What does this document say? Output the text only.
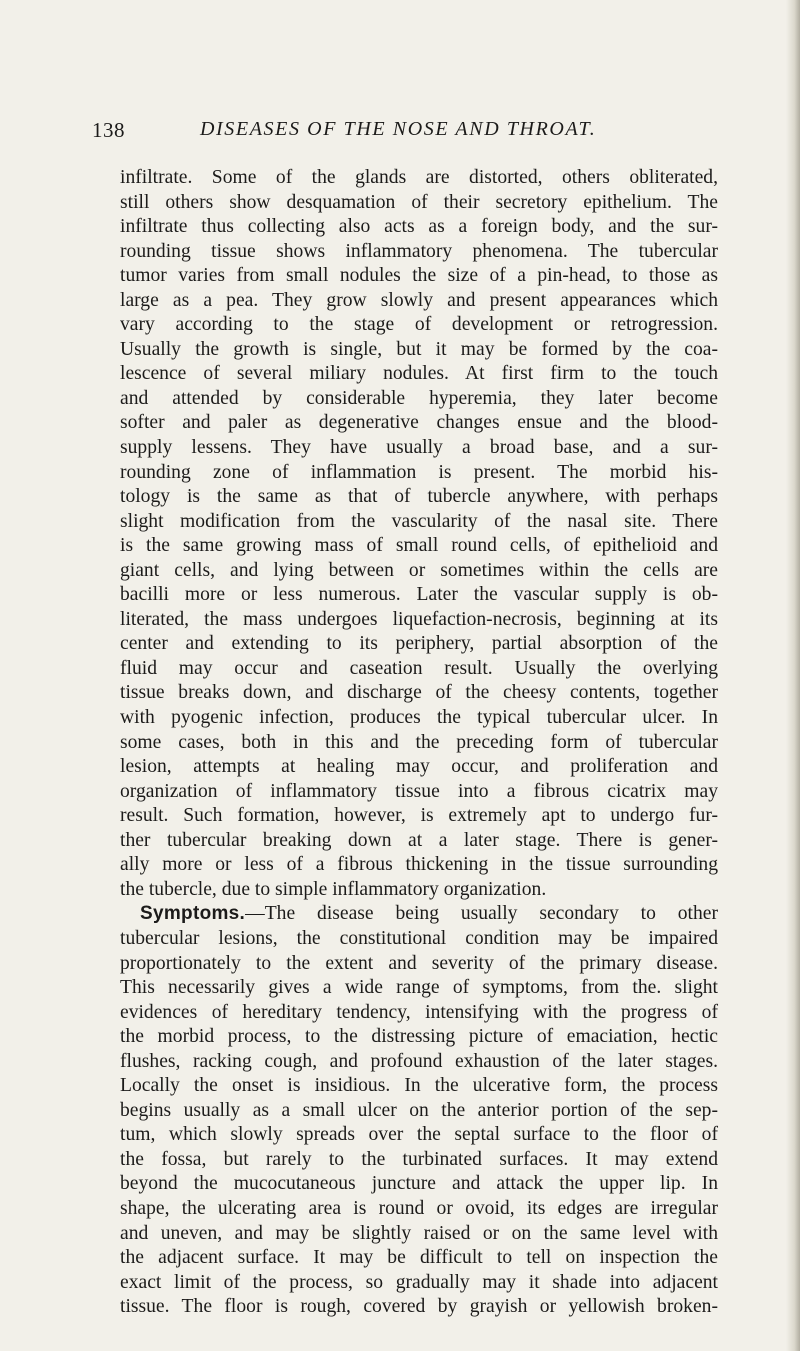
138	DISEASES OF THE NOSE AND THROAT.
infiltrate. Some of the glands are distorted, others obliterated,
still others show desquamation of their secretory epithelium. The
infiltrate thus collecting also acts as a foreign body, and the sur-
rounding tissue shows inflammatory phenomena. The tubercular
tumor varies from small nodules the size of a pin-head, to those as
large as a pea. They grow slowly and present appearances which
vary according to the stage of development or retrogression.
Usually the growth is single, but it may be formed by the coa-
lescence of several miliary nodules. At first firm to the touch
and attended by considerable hyperemia, they later become
softer and paler as degenerative changes ensue and the blood-
supply lessens. They have usually a broad base, and a sur-
rounding zone of inflammation is present. The morbid his-
tology is the same as that of tubercle anywhere, with perhaps
slight modification from the vascularity of the nasal site. There
is the same growing mass of small round cells, of epithelioid and
giant cells, and lying between or sometimes within the cells are
bacilli more or less numerous. Later the vascular supply is ob-
literated, the mass undergoes liquefaction-necrosis, beginning at its
center and extending to its periphery, partial absorption of the
fluid may occur and caseation result. Usually the overlying
tissue breaks down, and discharge of the cheesy contents, together
with pyogenic infection, produces the typical tubercular ulcer. In
some cases, both in this and the preceding form of tubercular
lesion, attempts at healing may occur, and proliferation and
organization of inflammatory tissue into a fibrous cicatrix may
result. Such formation, however, is extremely apt to undergo fur-
ther tubercular breaking down at a later stage. There is gener-
ally more or less of a fibrous thickening in the tissue surrounding
the tubercle, due to simple inflammatory organization.
Symptoms.—The disease being usually secondary to other
tubercular lesions, the constitutional condition may be impaired
proportionately to the extent and severity of the primary disease.
This necessarily gives a wide range of symptoms, from the. slight
evidences of hereditary tendency, intensifying with the progress of
the morbid process, to the distressing picture of emaciation, hectic
flushes, racking cough, and profound exhaustion of the later stages.
Locally the onset is insidious. In the ulcerative form, the process
begins usually as a small ulcer on the anterior portion of the sep-
tum, which slowly spreads over the septal surface to the floor of
the fossa, but rarely to the turbinated surfaces. It may extend
beyond the mucocutaneous juncture and attack the upper lip. In
shape, the ulcerating area is round or ovoid, its edges are irregular
and uneven, and may be slightly raised or on the same level with
the adjacent surface. It may be difficult to tell on inspection the
exact limit of the process, so gradually may it shade into adjacent
tissue. The floor is rough, covered by grayish or yellowish broken-
